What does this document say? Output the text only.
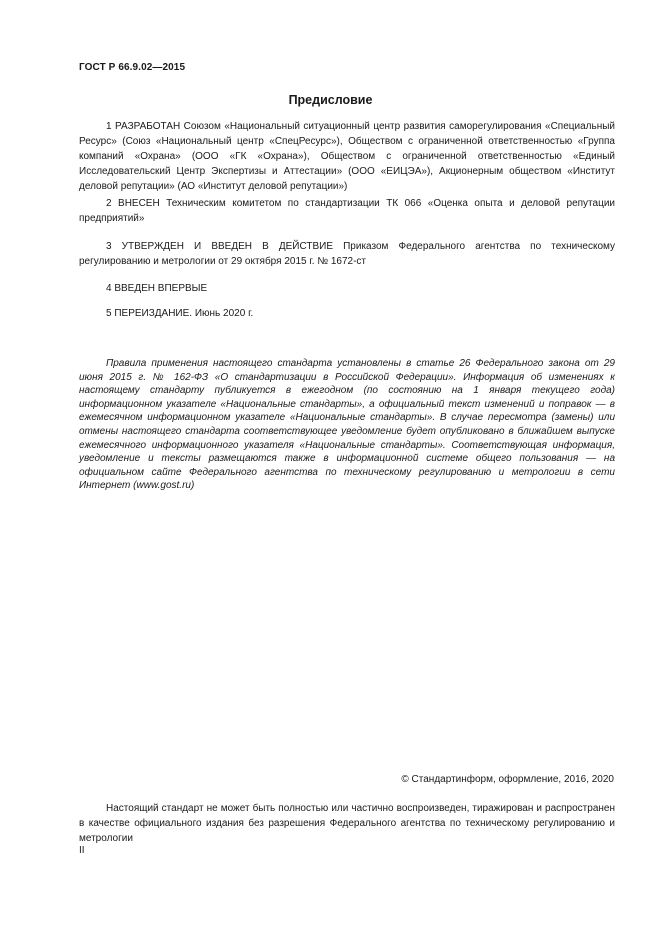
ГОСТ Р 66.9.02—2015
Предисловие

1 РАЗРАБОТАН Союзом «Национальный ситуационный центр развития саморегулирования «Специальный Ресурс» (Союз «Национальный центр «СпецРесурс»), Обществом с ограниченной ответственностью «Группа компаний «Охрана» (ООО «ГК «Охрана»), Обществом с ограниченной ответственностью «Единый Исследовательский Центр Экспертизы и Аттестации» (ООО «ЕИЦЭА»), Акционерным обществом «Институт деловой репутации» (АО «Институт деловой репутации»)

2 ВНЕСЕН Техническим комитетом по стандартизации ТК 066 «Оценка опыта и деловой репутации предприятий»

3 УТВЕРЖДЕН И ВВЕДЕН В ДЕЙСТВИЕ Приказом Федерального агентства по техническому регулированию и метрологии от 29 октября 2015 г. № 1672-ст

4 ВВЕДЕН ВПЕРВЫЕ

5 ПЕРЕИЗДАНИЕ. Июнь 2020 г.

Правила применения настоящего стандарта установлены в статье 26 Федерального закона от 29 июня 2015 г. № 162-ФЗ «О стандартизации в Российской Федерации». Информация об изменениях к настоящему стандарту публикуется в ежегодном (по состоянию на 1 января текущего года) информационном указателе «Национальные стандарты», а официальный текст изменений и поправок — в ежемесячном информационном указателе «Национальные стандарты». В случае пересмотра (замены) или отмены настоящего стандарта соответствующее уведомление будет опубликовано в ближайшем выпуске ежемесячного информационного указателя «Национальные стандарты». Соответствующая информация, уведомление и тексты размещаются также в информационной системе общего пользования — на официальном сайте Федерального агентства по техническому регулированию и метрологии в сети Интернет (www.gost.ru)

© Стандартинформ, оформление, 2016, 2020

Настоящий стандарт не может быть полностью или частично воспроизведен, тиражирован и распространен в качестве официального издания без разрешения Федерального агентства по техническому регулированию и метрологии

II
